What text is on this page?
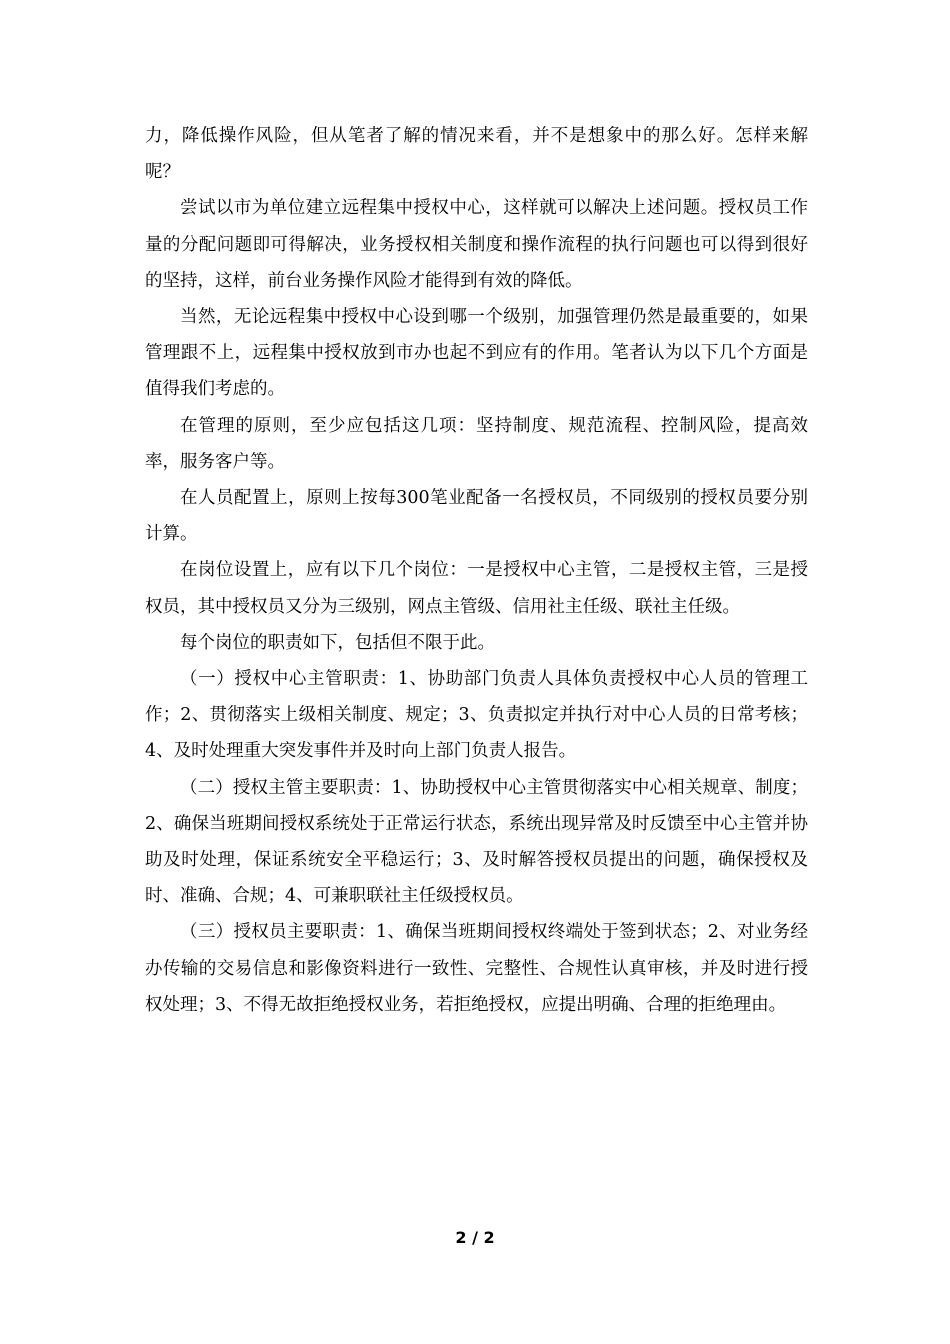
力，降低操作风险，但从笔者了解的情况来看，并不是想象中的那么好。怎样来解呢？

尝试以市为单位建立远程集中授权中心，这样就可以解决上述问题。授权员工作量的分配问题即可得解决，业务授权相关制度和操作流程的执行问题也可以得到很好的坚持，这样，前台业务操作风险才能得到有效的降低。

当然，无论远程集中授权中心设到哪一个级别，加强管理仍然是最重要的，如果管理跟不上，远程集中授权放到市办也起不到应有的作用。笔者认为以下几个方面是值得我们考虑的。

在管理的原则，至少应包括这几项：坚持制度、规范流程、控制风险，提高效率，服务客户等。

在人员配置上，原则上按每300笔业配备一名授权员，不同级别的授权员要分别计算。

在岗位设置上，应有以下几个岗位：一是授权中心主管，二是授权主管，三是授权员，其中授权员又分为三级别，网点主管级、信用社主任级、联社主任级。

每个岗位的职责如下，包括但不限于此。

（一）授权中心主管职责：1、协助部门负责人具体负责授权中心人员的管理工作；2、贯彻落实上级相关制度、规定；3、负责拟定并执行对中心人员的日常考核；4、及时处理重大突发事件并及时向上部门负责人报告。

（二）授权主管主要职责：1、协助授权中心主管贯彻落实中心相关规章、制度；2、确保当班期间授权系统处于正常运行状态，系统出现异常及时反馈至中心主管并协助及时处理，保证系统安全平稳运行；3、及时解答授权员提出的问题，确保授权及时、准确、合规；4、可兼职联社主任级授权员。

（三）授权员主要职责：1、确保当班期间授权终端处于签到状态；2、对业务经办传输的交易信息和影像资料进行一致性、完整性、合规性认真审核，并及时进行授权处理；3、不得无故拒绝授权业务，若拒绝授权，应提出明确、合理的拒绝理由。

2 / 2
